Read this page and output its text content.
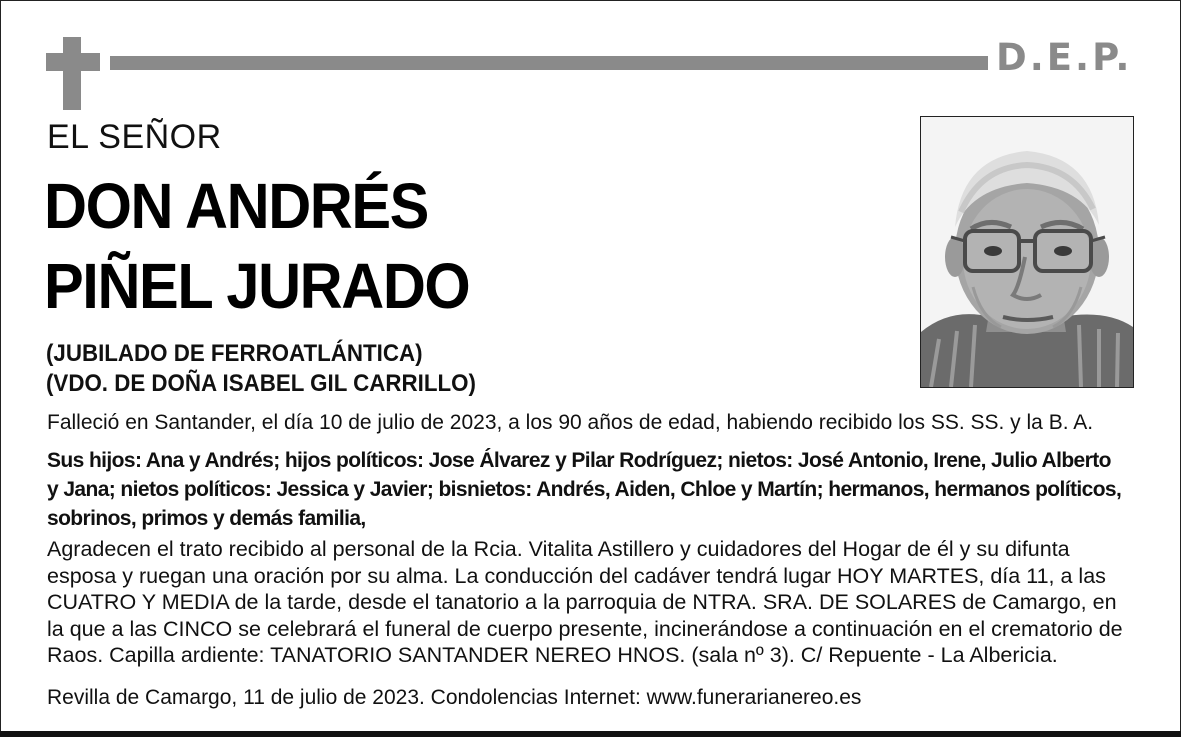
D.E.P.
EL SEÑOR
DON ANDRÉS
PIÑEL JURADO
(JUBILADO DE FERROATLÁNTICA)
(VDO. DE DOÑA ISABEL GIL CARRILLO)
Falleció en Santander, el día 10 de julio de 2023, a los 90 años de edad, habiendo recibido los SS. SS. y la B. A.
Sus hijos: Ana y Andrés; hijos políticos: Jose Álvarez y Pilar Rodríguez; nietos: José Antonio, Irene, Julio Alberto y Jana; nietos políticos: Jessica y Javier; bisnietos: Andrés, Aiden, Chloe y Martín; hermanos, hermanos políticos, sobrinos, primos y demás familia,
Agradecen el trato recibido al personal de la Rcia. Vitalita Astillero y cuidadores del Hogar de él y su difunta esposa y ruegan una oración por su alma. La conducción del cadáver tendrá lugar HOY MARTES, día 11, a las CUATRO Y MEDIA de la tarde, desde el tanatorio a la parroquia de NTRA. SRA. DE SOLARES de Camargo, en la que a las CINCO se celebrará el funeral de cuerpo presente, incinerándose a continuación en el crematorio de Raos. Capilla ardiente: TANATORIO SANTANDER NEREO HNOS. (sala nº 3). C/ Repuente - La Albericia.
Revilla de Camargo, 11 de julio de 2023. Condolencias Internet: www.funerarianereo.es
